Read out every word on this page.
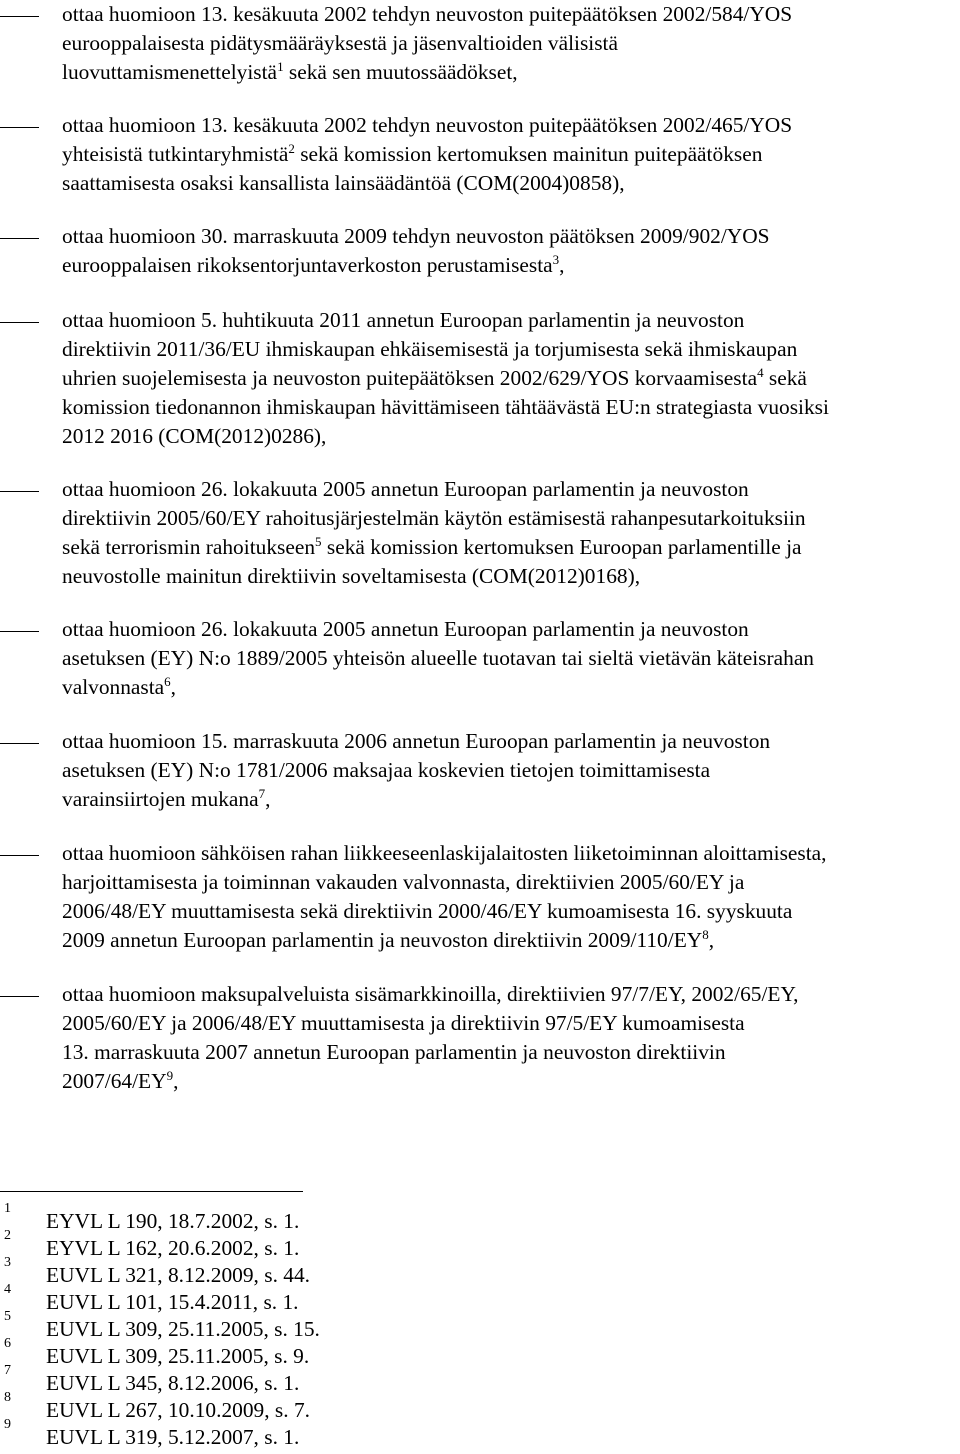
ottaa huomioon 13. kesäkuuta 2002 tehdyn neuvoston puitepäätöksen 2002/584/YOS
eurooppalaisesta pidätysmääräyksestä ja jäsenvaltioiden välisistä
luovuttamismenettelyistä$^1$ sekä sen muutossäädökset,
ottaa huomioon 13. kesäkuuta 2002 tehdyn neuvoston puitepäätöksen 2002/465/YOS
yhteisistä tutkintaryhmistä$^2$ sekä komission kertomuksen mainitun puitepäätöksen
saattamisesta osaksi kansallista lainsäädäntöä (COM(2004)0858),
ottaa huomioon 30. marraskuuta 2009 tehdyn neuvoston päätöksen 2009/902/YOS
eurooppalaisen rikoksentorjuntaverkoston perustamisesta$^3$,
ottaa huomioon 5. huhtikuuta 2011 annetun Euroopan parlamentin ja neuvoston
direktiivin 2011/36/EU ihmiskaupan ehkäisemisestä ja torjumisesta sekä ihmiskaupan
uhrien suojelemisesta ja neuvoston puitepäätöksen 2002/629/YOS korvaamisesta$^4$ sekä
komission tiedonannon ihmiskaupan hävittämiseen tähtäävästä EU:n strategiasta vuosiksi
2012 2016 (COM(2012)0286),
ottaa huomioon 26. lokakuuta 2005 annetun Euroopan parlamentin ja neuvoston
direktiivin 2005/60/EY rahoitusjärjestelmän käytön estämisestä rahanpesutarkoituksiin
sekä terrorismin rahoitukseen$^5$ sekä komission kertomuksen Euroopan parlamentille ja
neuvostolle mainitun direktiivin soveltamisesta (COM(2012)0168),
ottaa huomioon 26. lokakuuta 2005 annetun Euroopan parlamentin ja neuvoston
asetuksen (EY) N:o 1889/2005 yhteisön alueelle tuotavan tai sieltä vietävän käteisrahan
valvonnasta$^6$,
ottaa huomioon 15. marraskuuta 2006 annetun Euroopan parlamentin ja neuvoston
asetuksen (EY) N:o 1781/2006 maksajaa koskevien tietojen toimittamisesta
varainsiirtojen mukana$^7$,
ottaa huomioon sähköisen rahan liikkeeseenlaskijalaitosten liiketoiminnan aloittamisesta,
harjoittamisesta ja toiminnan vakauden valvonnasta, direktiivien 2005/60/EY ja
2006/48/EY muuttamisesta sekä direktiivin 2000/46/EY kumoamisesta 16. syyskuuta
2009 annetun Euroopan parlamentin ja neuvoston direktiivin $2009/110/EY^8$,
ottaa huomioon maksupalveluista sisämarkkinoilla, direktiivien 97/7/EY, 2002/65/EY,
2005/60/EY ja 2006/48/EY muuttamisesta ja direktiivin 97/5/EY kumoamisesta
13. marraskuuta 2007 annetun Euroopan parlamentin ja neuvoston direktiivin
$2007/64/EY^9$,
1
EYVL L 190, 18.7.2002, s. 1.
2
EYVL L 162, 20.6.2002, s. 1.
3
EUVL L 321, 8.12.2009, s. 44.
4
EUVL L 101, 15.4.2011, s. 1.
5
EUVL L 309, 25.11.2005, s. 15.
6
EUVL L 309, 25.11.2005, s. 9.
7
EUVL L 345, 8.12.2006, s. 1.
8
EUVL L 267, 10.10.2009, s. 7.
9
EUVL L 319, 5.12.2007, s. 1.
